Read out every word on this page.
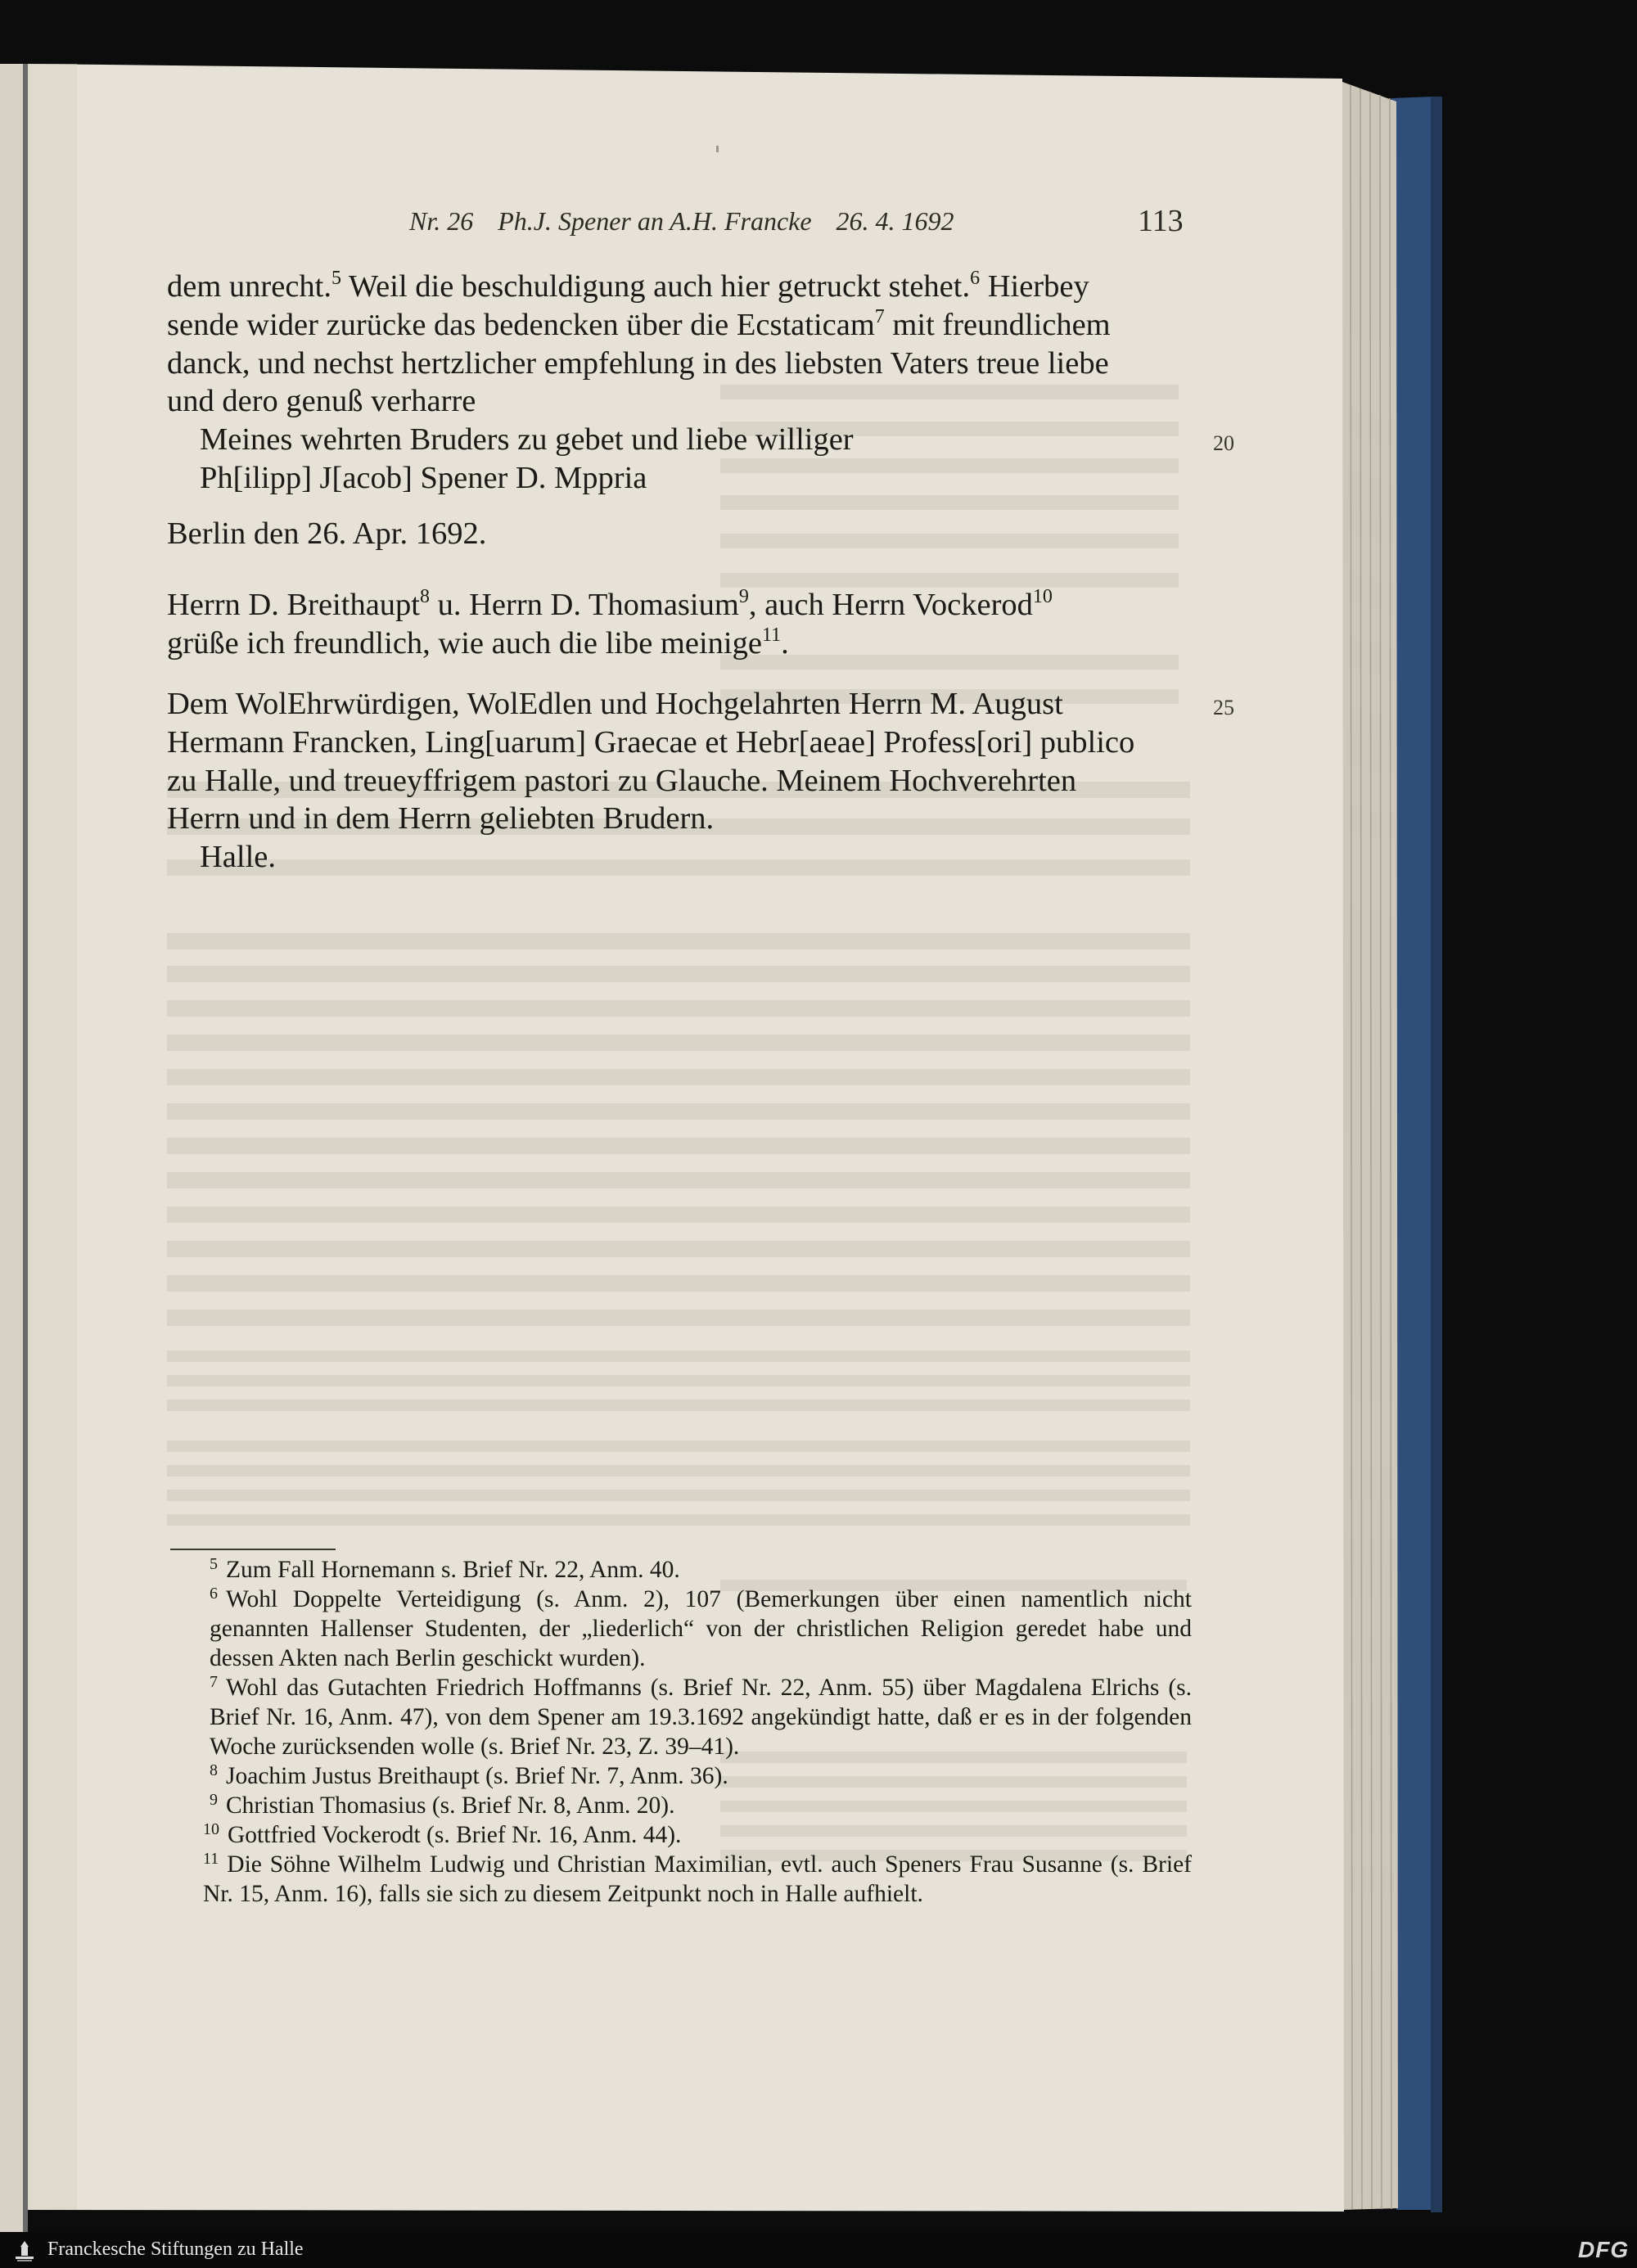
Nr. 26 Ph.J. Spener an A.H. Francke 26. 4. 1692	113
dem unrecht.$^5$ Weil die beschuldigung auch hier getruckt stehet.$^6$ Hierbey
sende wider zurücke das bedencken über die Ecstaticam$^7$ mit freundlichem
danck, und nechst hertzlicher empfehlung in des liebsten Vaters treue liebe
und dero genuß verharre
Meines wehrten Bruders zu gebet und liebe williger	20
Ph[ilipp] J[acob] Spener D. Mppria
Berlin den 26. Apr. 1692.
Herrn D. Breithaupt$^8$ u. Herrn D. Thomasium$^9$, auch Herrn Vockerod$^{10}$
grüße ich freundlich, wie auch die libe meinige$^{11}$.
Dem WolEhrwürdigen, WolEdlen und Hochgelahrten Herrn M. August	25
Hermann Francken, Ling[uarum] Graecae et Hebr[aeae] Profess[ori] publico
zu Halle, und treueyffrigem pastori zu Glauche. Meinem Hochverehrten
Herrn und in dem Herrn geliebten Brudern.
Halle.
5 Zum Fall Hornemann s. Brief Nr. 22, Anm. 40.
6 Wohl Doppelte Verteidigung (s. Anm. 2), 107 (Bemerkungen über einen namentlich nicht genannten Hallenser Studenten, der „liederlich“ von der christlichen Religion geredet habe und dessen Akten nach Berlin geschickt wurden).
7 Wohl das Gutachten Friedrich Hoffmanns (s. Brief Nr. 22, Anm. 55) über Magdalena Elrichs (s. Brief Nr. 16, Anm. 47), von dem Spener am 19.3.1692 angekündigt hatte, daß er es in der folgenden Woche zurücksenden wolle (s. Brief Nr. 23, Z. 39–41).
8 Joachim Justus Breithaupt (s. Brief Nr. 7, Anm. 36).
9 Christian Thomasius (s. Brief Nr. 8, Anm. 20).
10 Gottfried Vockerodt (s. Brief Nr. 16, Anm. 44).
11 Die Söhne Wilhelm Ludwig und Christian Maximilian, evtl. auch Speners Frau Susanne (s. Brief Nr. 15, Anm. 16), falls sie sich zu diesem Zeitpunkt noch in Halle aufhielt.
Franckesche Stiftungen zu Halle	DFG
